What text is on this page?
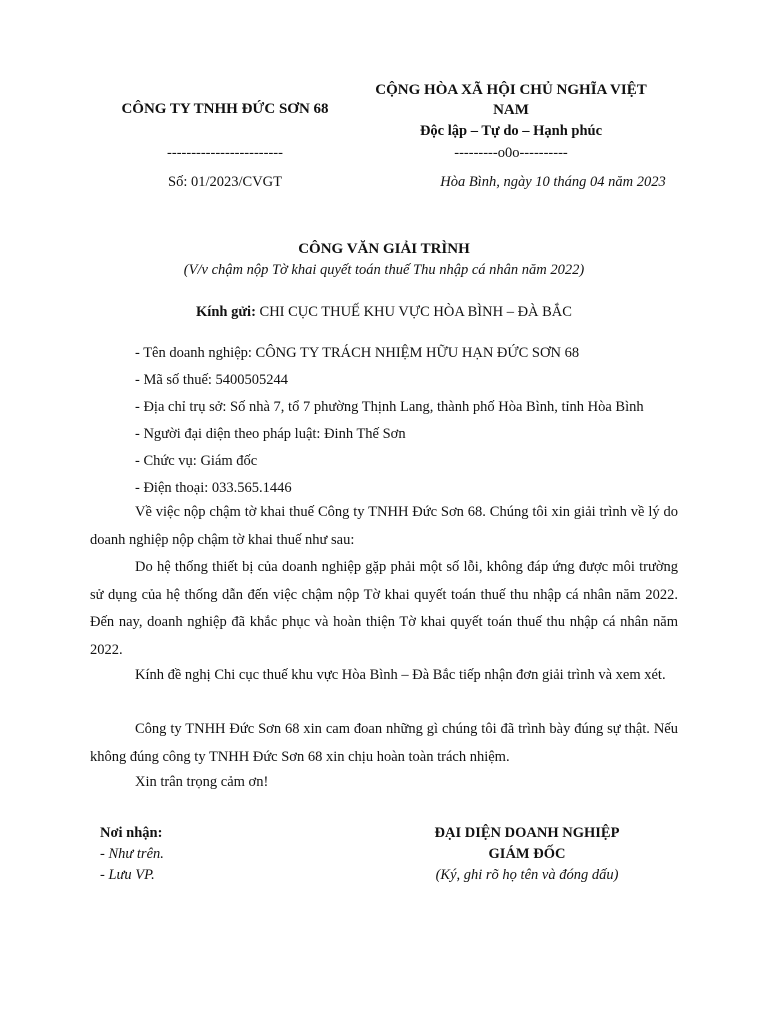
CÔNG TY TNHH ĐỨC SƠN 68
------------------------
Số: 01/2023/CVGT
CỘNG HÒA XÃ HỘI CHỦ NGHĨA VIỆT NAM
Độc lập – Tự do – Hạnh phúc
---------o0o----------
Hòa Bình, ngày 10 tháng 04 năm 2023
CÔNG VĂN GIẢI TRÌNH
(V/v chậm nộp Tờ khai quyết toán thuế Thu nhập cá nhân năm 2022)
Kính gửi: CHI CỤC THUẾ KHU VỰC HÒA BÌNH – ĐÀ BẮC
- Tên doanh nghiệp: CÔNG TY TRÁCH NHIỆM HỮU HẠN ĐỨC SƠN 68
- Mã số thuế: 5400505244
- Địa chỉ trụ sở: Số nhà 7, tổ 7 phường Thịnh Lang, thành phố Hòa Bình, tỉnh Hòa Bình
- Người đại diện theo pháp luật: Đinh Thế Sơn
- Chức vụ: Giám đốc
- Điện thoại: 033.565.1446
Về việc nộp chậm tờ khai thuế Công ty TNHH Đức Sơn 68. Chúng tôi xin giải trình về lý do doanh nghiệp nộp chậm tờ khai thuế như sau:
Do hệ thống thiết bị của doanh nghiệp gặp phải một số lỗi, không đáp ứng được môi trường sử dụng của hệ thống dẫn đến việc chậm nộp Tờ khai quyết toán thuế thu nhập cá nhân năm 2022. Đến nay, doanh nghiệp đã khắc phục và hoàn thiện Tờ khai quyết toán thuế thu nhập cá nhân năm 2022.
Kính đề nghị Chi cục thuế khu vực Hòa Bình – Đà Bắc tiếp nhận đơn giải trình và xem xét.
Công ty TNHH Đức Sơn 68 xin cam đoan những gì chúng tôi đã trình bày đúng sự thật. Nếu không đúng công ty TNHH Đức Sơn 68 xin chịu hoàn toàn trách nhiệm.
Xin trân trọng cảm ơn!
Nơi nhận:
- Như trên.
- Lưu VP.
ĐẠI DIỆN DOANH NGHIỆP
GIÁM ĐỐC
(Ký, ghi rõ họ tên và đóng dấu)
